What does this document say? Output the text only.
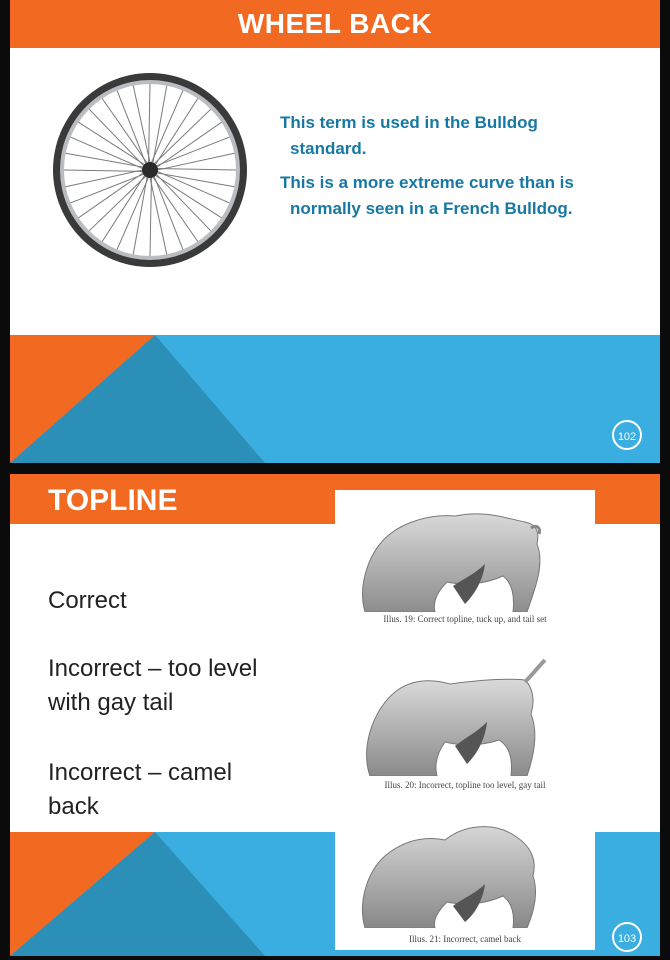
WHEEL BACK

This term is used in the Bulldog

standard.

This is a more extreme curve than is

normally seen in a French Bulldog.

102
TOPLINE

Correct

Incorrect – too level
with gay tail

Incorrect – camel
back

Illus. 19: Correct topline, tuck up, and tail set
Illus. 20: Incorrect, topline too level, gay tail
Illus. 21: Incorrect, camel back	103
